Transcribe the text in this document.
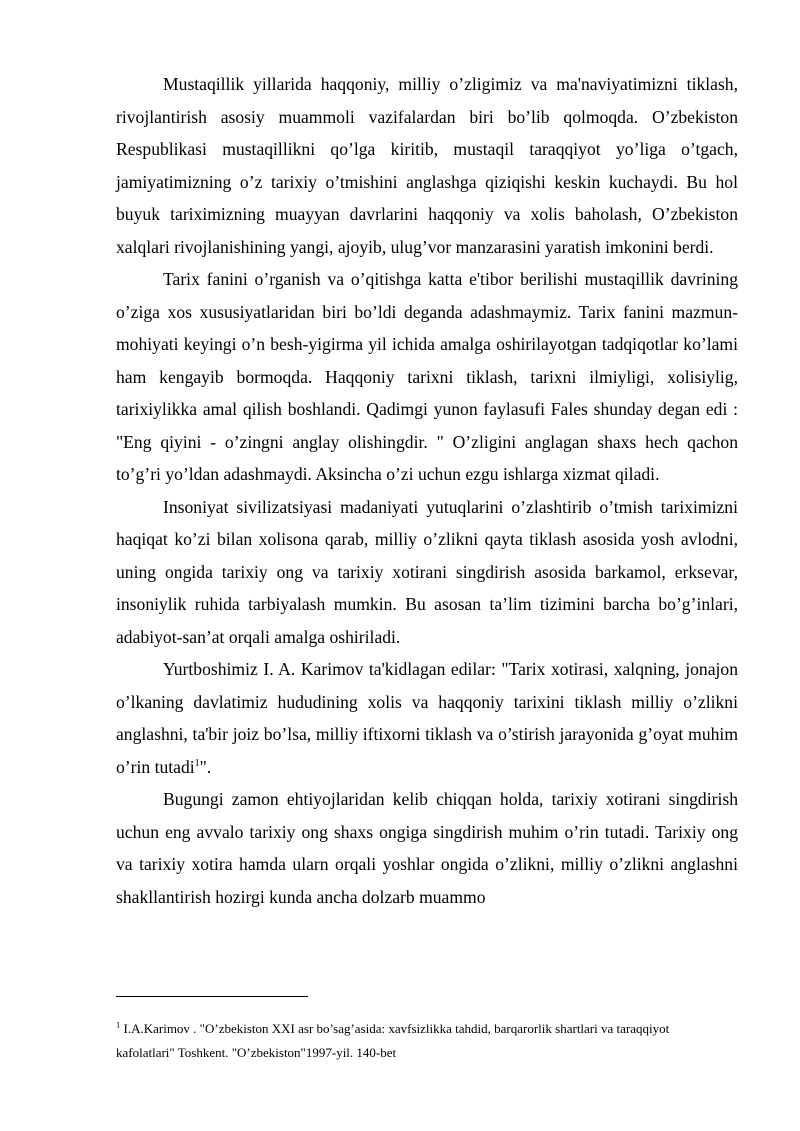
Mustaqillik yillarida haqqoniy, milliy o’zligimiz va ma'naviyatimizni tiklash, rivojlantirish asosiy muammoli vazifalardan biri bo’lib qolmoqda. O’zbekiston Respublikasi mustaqillikni qo’lga kiritib, mustaqil taraqqiyot yo’liga o’tgach, jamiyatimizning o’z tarixiy o’tmishini anglashga qiziqishi keskin kuchaydi. Bu hol buyuk tariximizning muayyan davrlarini haqqoniy va xolis baholash, O’zbekiston xalqlari rivojlanishining yangi, ajoyib, ulug’vor manzarasini yaratish imkonini berdi.

Tarix fanini o’rganish va o’qitishga katta e'tibor berilishi mustaqillik davrining o’ziga xos xususiyatlaridan biri bo’ldi deganda adashmaymiz. Tarix fanini mazmun-mohiyati keyingi o’n besh-yigirma yil ichida amalga oshirilayotgan tadqiqotlar ko’lami ham kengayib bormoqda. Haqqoniy tarixni tiklash, tarixni ilmiyligi, xolisiylig, tarixiylikka amal qilish boshlandi. Qadimgi yunon faylasufi Fales shunday degan edi : "Eng qiyini - o’zingni anglay olishingdir. " O’zligini anglagan shaxs hech qachon to’g’ri yo’ldan adashmaydi. Aksincha o’zi uchun ezgu ishlarga xizmat qiladi.

Insoniyat sivilizatsiyasi madaniyati yutuqlarini o’zlashtirib o’tmish tariximizni haqiqat ko’zi bilan xolisona qarab, milliy o’zlikni qayta tiklash asosida yosh avlodni, uning ongida tarixiy ong va tarixiy xotirani singdirish asosida barkamol, erksevar, insoniylik ruhida tarbiyalash mumkin. Bu asosan ta’lim tizimini barcha bo’g’inlari, adabiyot-san’at orqali amalga oshiriladi.

Yurtboshimiz I. A. Karimov ta'kidlagan edilar: "Tarix xotirasi, xalqning, jonajon o’lkaning davlatimiz hududining xolis va haqqoniy tarixini tiklash milliy o’zlikni anglashni, ta'bir joiz bo’lsa, milliy iftixorni tiklash va o’stirish jarayonida g’oyat muhim o’rin tutadi$^1$".

Bugungi zamon ehtiyojlaridan kelib chiqqan holda, tarixiy xotirani singdirish uchun eng avvalo tarixiy ong shaxs ongiga singdirish muhim o’rin tutadi. Tarixiy ong va tarixiy xotira hamda ularn orqali yoshlar ongida o’zlikni, milliy o’zlikni anglashni shakllantirish hozirgi kunda ancha dolzarb muammo

$^1$ I.A.Karimov . "O’zbekiston XXI asr bo’sag’asida: xavfsizlikka tahdid, barqarorlik shartlari va taraqqiyot
kafolatlari" Toshkent. "O’zbekiston"1997-yil. 140-bet
